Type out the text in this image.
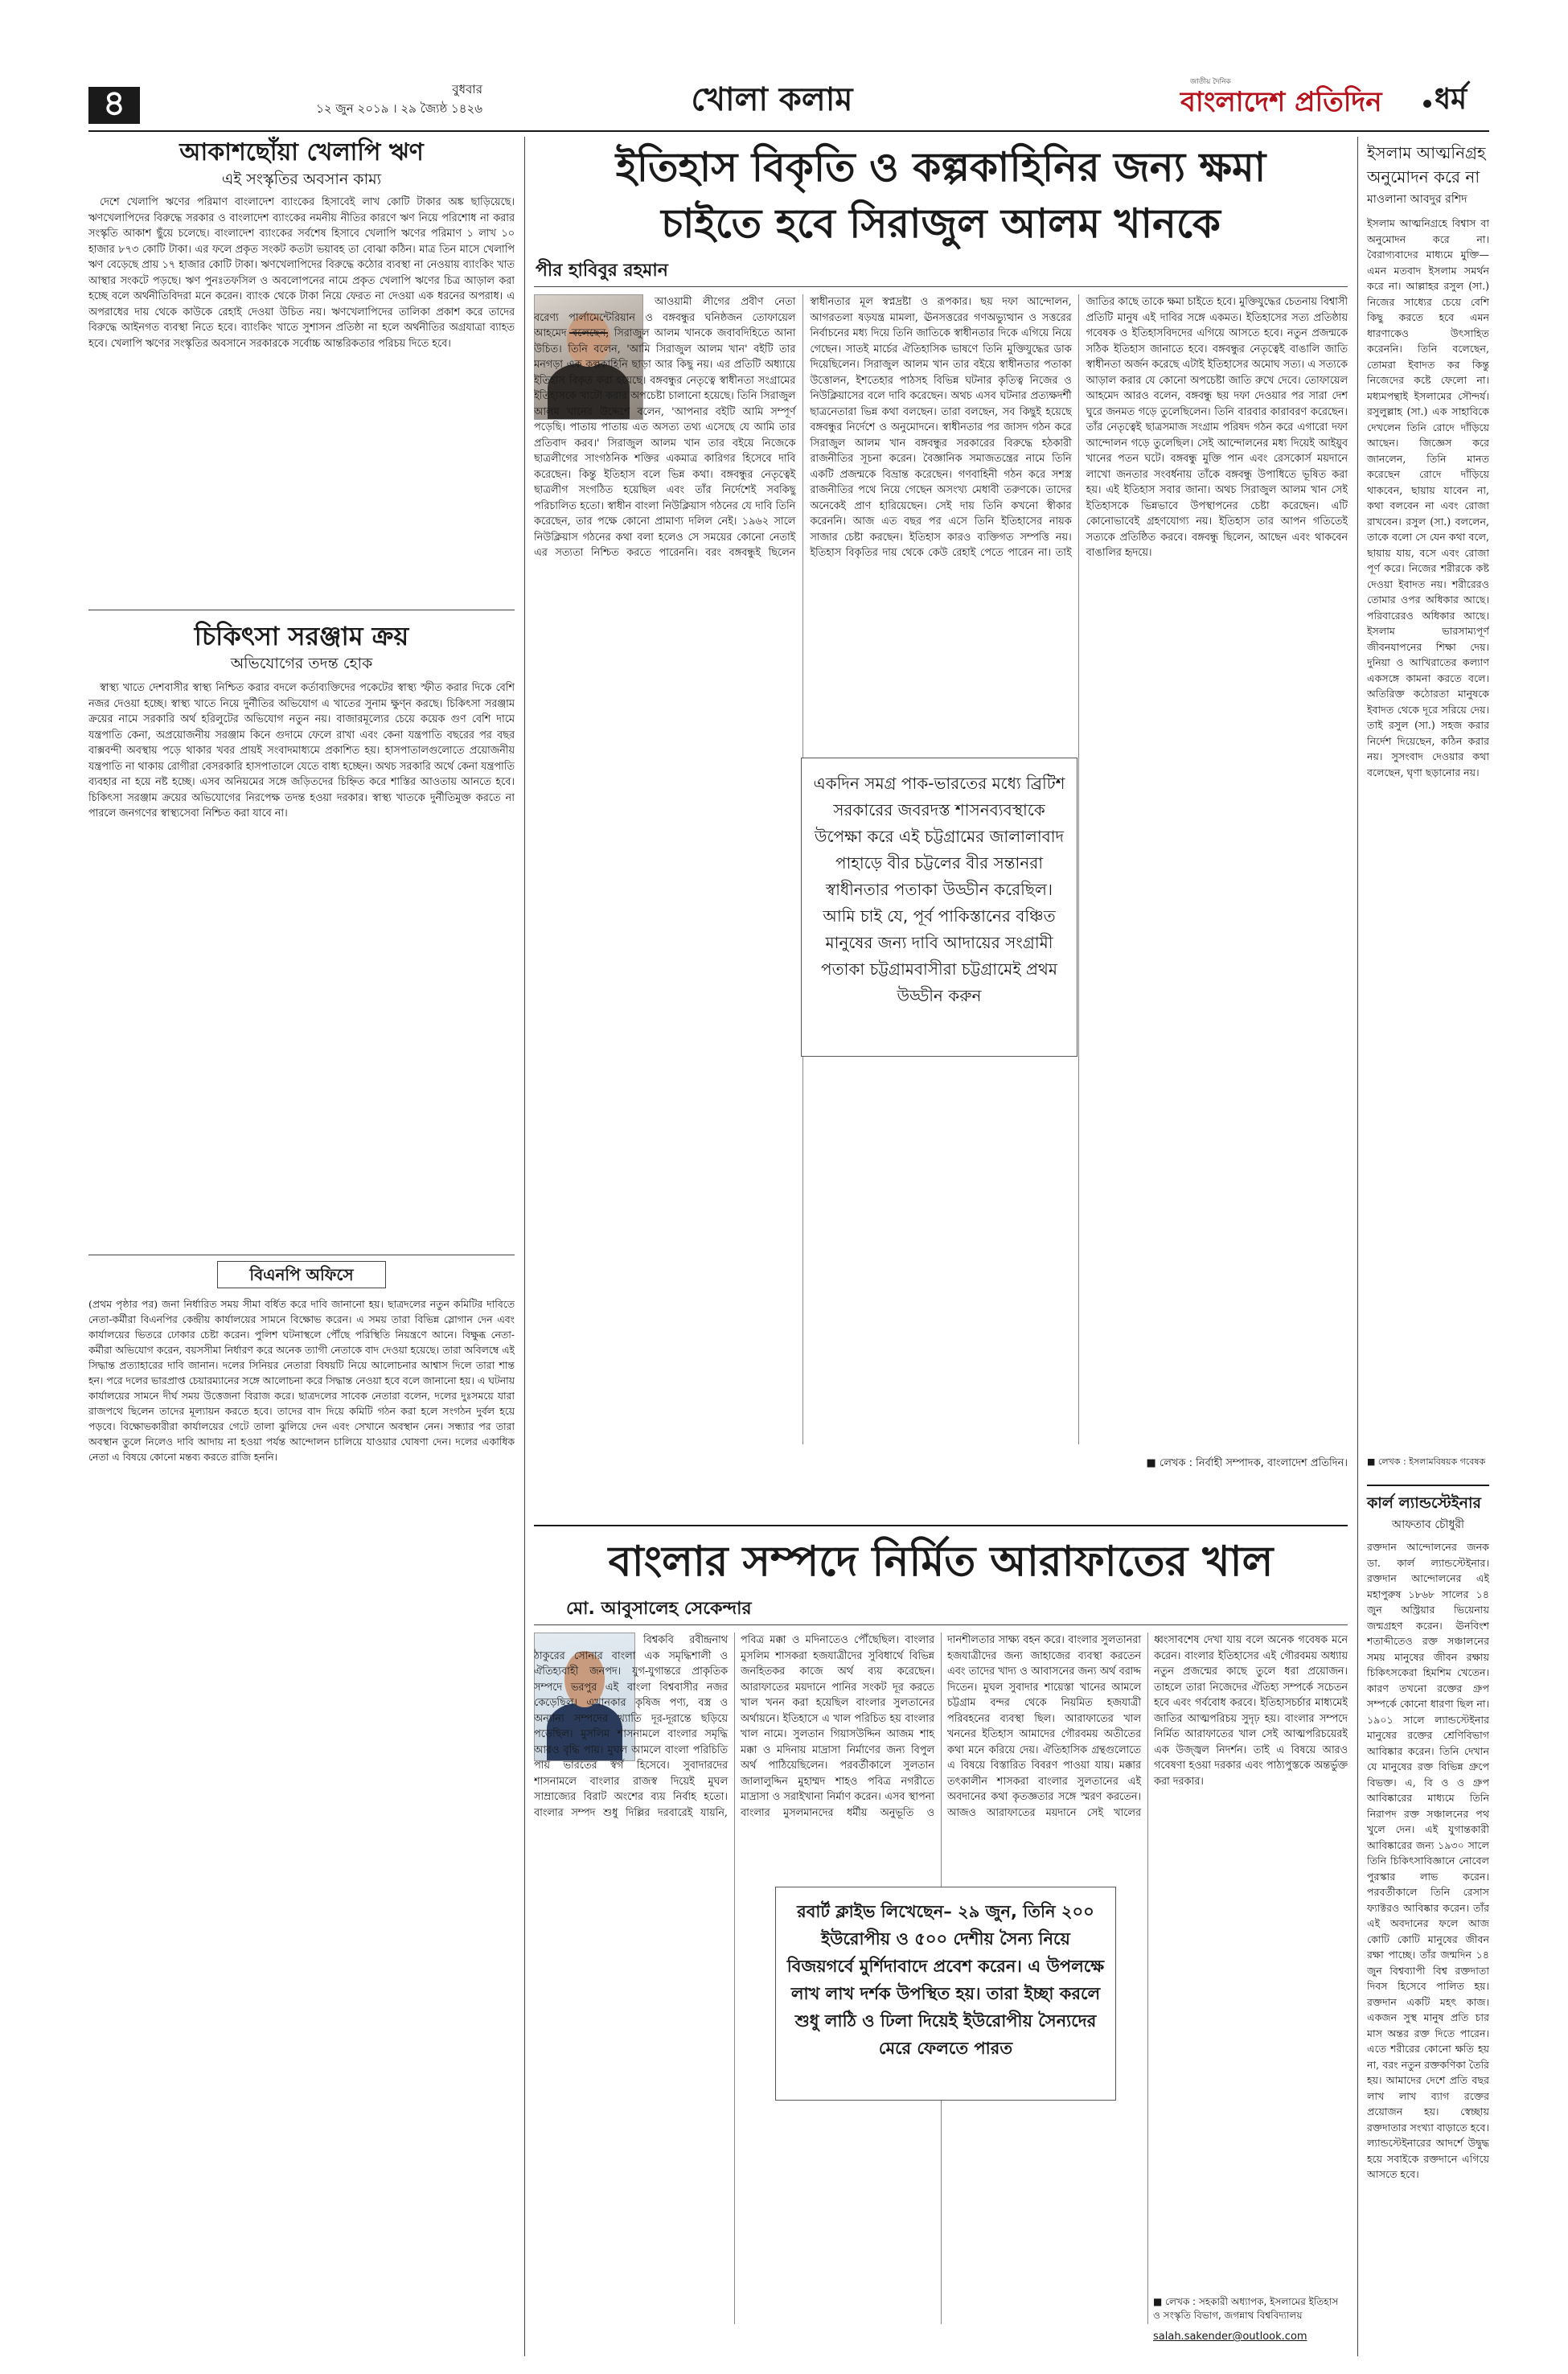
৪	বুধবার
১২ জুন ২০১৯ । ২৯ জ্যৈষ্ঠ ১৪২৬	খোলা কলাম	জাতীয় দৈনিক
বাংলাদেশ প্রতিদিন	ধর্ম
আকাশছোঁয়া খেলাপি ঋণ
এই সংস্কৃতির অবসান কাম্য
দেশে খেলাপি ঋণের পরিমাণ বাংলাদেশ ব্যাংকের হিসাবেই লাখ কোটি টাকার অঙ্ক ছাড়িয়েছে। ঋণখেলাপিদের বিরুদ্ধে সরকার ও বাংলাদেশ ব্যাংকের নমনীয় নীতির কারণে ঋণ নিয়ে পরিশোধ না করার সংস্কৃতি আকাশ ছুঁয়ে চলেছে। বাংলাদেশ ব্যাংকের সর্বশেষ হিসাবে খেলাপি ঋণের পরিমাণ ১ লাখ ১০ হাজার ৮৭৩ কোটি টাকা। এর ফলে প্রকৃত সংকট কতটা ভয়াবহ তা বোঝা কঠিন। মাত্র তিন মাসে খেলাপি ঋণ বেড়েছে প্রায় ১৭ হাজার কোটি টাকা। ঋণখেলাপিদের বিরুদ্ধে কঠোর ব্যবস্থা না নেওয়ায় ব্যাংকিং খাত আস্থার সংকটে পড়ছে। ঋণ পুনঃতফসিল ও অবলোপনের নামে প্রকৃত খেলাপি ঋণের চিত্র আড়াল করা হচ্ছে বলে অর্থনীতিবিদরা মনে করেন। ব্যাংক থেকে টাকা নিয়ে ফেরত না দেওয়া এক ধরনের অপরাধ। এ অপরাধের দায় থেকে কাউকে রেহাই দেওয়া উচিত নয়। ঋণখেলাপিদের তালিকা প্রকাশ করে তাদের বিরুদ্ধে আইনগত ব্যবস্থা নিতে হবে। ব্যাংকিং খাতে সুশাসন প্রতিষ্ঠা না হলে অর্থনীতির অগ্রযাত্রা ব্যাহত হবে। খেলাপি ঋণের সংস্কৃতির অবসানে সরকারকে সর্বোচ্চ আন্তরিকতার পরিচয় দিতে হবে।
চিকিৎসা সরঞ্জাম ক্রয়
অভিযোগের তদন্ত হোক
স্বাস্থ্য খাতে দেশবাসীর স্বাস্থ্য নিশ্চিত করার বদলে কর্তাব্যক্তিদের পকেটের স্বাস্থ্য স্ফীত করার দিকে বেশি নজর দেওয়া হচ্ছে। স্বাস্থ্য খাতে নিয়ে দুর্নীতির অভিযোগ এ খাতের সুনাম ক্ষুণ্ন করছে। চিকিৎসা সরঞ্জাম ক্রয়ের নামে সরকারি অর্থ হরিলুটের অভিযোগ নতুন নয়। বাজারমূল্যের চেয়ে কয়েক গুণ বেশি দামে যন্ত্রপাতি কেনা, অপ্রয়োজনীয় সরঞ্জাম কিনে গুদামে ফেলে রাখা এবং কেনা যন্ত্রপাতি বছরের পর বছর বাক্সবন্দী অবস্থায় পড়ে থাকার খবর প্রায়ই সংবাদমাধ্যমে প্রকাশিত হয়। হাসপাতালগুলোতে প্রয়োজনীয় যন্ত্রপাতি না থাকায় রোগীরা বেসরকারি হাসপাতালে যেতে বাধ্য হচ্ছেন। অথচ সরকারি অর্থে কেনা যন্ত্রপাতি ব্যবহার না হয়ে নষ্ট হচ্ছে। এসব অনিয়মের সঙ্গে জড়িতদের চিহ্নিত করে শাস্তির আওতায় আনতে হবে। চিকিৎসা সরঞ্জাম ক্রয়ের অভিযোগের নিরপেক্ষ তদন্ত হওয়া দরকার। স্বাস্থ্য খাতকে দুর্নীতিমুক্ত করতে না পারলে জনগণের স্বাস্থ্যসেবা নিশ্চিত করা যাবে না।
বিএনপি অফিসে
(প্রথম পৃষ্ঠার পর) জনা নির্ধারিত সময় সীমা বর্ধিত করে দাবি জানানো হয়। ছাত্রদলের নতুন কমিটির দাবিতে নেতা-কর্মীরা বিএনপির কেন্দ্রীয় কার্যালয়ের সামনে বিক্ষোভ করেন। এ সময় তারা বিভিন্ন স্লোগান দেন এবং কার্যালয়ের ভিতরে ঢোকার চেষ্টা করেন। পুলিশ ঘটনাস্থলে পৌঁছে পরিস্থিতি নিয়ন্ত্রণে আনে। বিক্ষুব্ধ নেতা-কর্মীরা অভিযোগ করেন, বয়সসীমা নির্ধারণ করে অনেক ত্যাগী নেতাকে বাদ দেওয়া হয়েছে। তারা অবিলম্বে এই সিদ্ধান্ত প্রত্যাহারের দাবি জানান। দলের সিনিয়র নেতারা বিষয়টি নিয়ে আলোচনার আশ্বাস দিলে তারা শান্ত হন। পরে দলের ভারপ্রাপ্ত চেয়ারম্যানের সঙ্গে আলোচনা করে সিদ্ধান্ত নেওয়া হবে বলে জানানো হয়। এ ঘটনায় কার্যালয়ের সামনে দীর্ঘ সময় উত্তেজনা বিরাজ করে। ছাত্রদলের সাবেক নেতারা বলেন, দলের দুঃসময়ে যারা রাজপথে ছিলেন তাদের মূল্যায়ন করতে হবে। তাদের বাদ দিয়ে কমিটি গঠন করা হলে সংগঠন দুর্বল হয়ে পড়বে। বিক্ষোভকারীরা কার্যালয়ের গেটে তালা ঝুলিয়ে দেন এবং সেখানে অবস্থান নেন। সন্ধ্যার পর তারা অবস্থান তুলে নিলেও দাবি আদায় না হওয়া পর্যন্ত আন্দোলন চালিয়ে যাওয়ার ঘোষণা দেন। দলের একাধিক নেতা এ বিষয়ে কোনো মন্তব্য করতে রাজি হননি।
ইতিহাস বিকৃতি ও কল্পকাহিনির জন্য ক্ষমা
চাইতে হবে সিরাজুল আলম খানকে
পীর হাবিবুর রহমান
আওয়ামী লীগের প্রবীণ নেতা বরেণ্য পার্লামেন্টেরিয়ান ও বঙ্গবন্ধুর ঘনিষ্ঠজন তোফায়েল আহমেদ বলেছেন, সিরাজুল আলম খানকে জবাবদিহিতে আনা উচিত। তিনি বলেন, 'আমি সিরাজুল আলম খান' বইটি তার মনগড়া এক কল্পকাহিনি ছাড়া আর কিছু নয়। এর প্রতিটি অধ্যায়ে ইতিহাস বিকৃত করা হয়েছে। বঙ্গবন্ধুর নেতৃত্বে স্বাধীনতা সংগ্রামের ইতিহাসকে খাটো করার অপচেষ্টা চালানো হয়েছে। তিনি সিরাজুল আলম খানের উদ্দেশে বলেন, 'আপনার বইটি আমি সম্পূর্ণ পড়েছি। পাতায় পাতায় এত অসত্য তথ্য এসেছে যে আমি তার প্রতিবাদ করব।' সিরাজুল আলম খান তার বইয়ে নিজেকে ছাত্রলীগের সাংগঠনিক শক্তির একমাত্র কারিগর হিসেবে দাবি করেছেন। কিন্তু ইতিহাস বলে ভিন্ন কথা। বঙ্গবন্ধুর নেতৃত্বেই ছাত্রলীগ সংগঠিত হয়েছিল এবং তাঁর নির্দেশেই সবকিছু পরিচালিত হতো। স্বাধীন বাংলা নিউক্লিয়াস গঠনের যে দাবি তিনি করেছেন, তার পক্ষে কোনো প্রামাণ্য দলিল নেই। ১৯৬২ সালে নিউক্লিয়াস গঠনের কথা বলা হলেও সে সময়ের কোনো নেতাই এর সত্যতা নিশ্চিত করতে পারেননি। বরং বঙ্গবন্ধুই ছিলেন স্বাধীনতার মূল স্বপ্নদ্রষ্টা ও রূপকার। ছয় দফা আন্দোলন, আগরতলা ষড়যন্ত্র মামলা, ঊনসত্তরের গণঅভ্যুত্থান ও সত্তরের নির্বাচনের মধ্য দিয়ে তিনি জাতিকে স্বাধীনতার দিকে এগিয়ে নিয়ে গেছেন। সাতই মার্চের ঐতিহাসিক ভাষণে তিনি মুক্তিযুদ্ধের ডাক দিয়েছিলেন। সিরাজুল আলম খান তার বইয়ে স্বাধীনতার পতাকা উত্তোলন, ইশতেহার পাঠসহ বিভিন্ন ঘটনার কৃতিত্ব নিজের ও নিউক্লিয়াসের বলে দাবি করেছেন। অথচ এসব ঘটনার প্রত্যক্ষদর্শী ছাত্রনেতারা ভিন্ন কথা বলছেন। তারা বলছেন, সব কিছুই হয়েছে বঙ্গবন্ধুর নির্দেশে ও অনুমোদনে। স্বাধীনতার পর জাসদ গঠন করে সিরাজুল আলম খান বঙ্গবন্ধুর সরকারের বিরুদ্ধে হঠকারী রাজনীতির সূচনা করেন। বৈজ্ঞানিক সমাজতন্ত্রের নামে তিনি একটি প্রজন্মকে বিভ্রান্ত করেছেন। গণবাহিনী গঠন করে সশস্ত্র রাজনীতির পথে নিয়ে গেছেন অসংখ্য মেধাবী তরুণকে। তাদের অনেকেই প্রাণ হারিয়েছেন। সেই দায় তিনি কখনো স্বীকার করেননি। আজ এত বছর পর এসে তিনি ইতিহাসের নায়ক সাজার চেষ্টা করছেন। ইতিহাস কারও ব্যক্তিগত সম্পত্তি নয়। ইতিহাস বিকৃতির দায় থেকে কেউ রেহাই পেতে পারেন না। তাই জাতির কাছে তাকে ক্ষমা চাইতে হবে। মুক্তিযুদ্ধের চেতনায় বিশ্বাসী প্রতিটি মানুষ এই দাবির সঙ্গে একমত। ইতিহাসের সত্য প্রতিষ্ঠায় গবেষক ও ইতিহাসবিদদের এগিয়ে আসতে হবে। নতুন প্রজন্মকে সঠিক ইতিহাস জানাতে হবে। বঙ্গবন্ধুর নেতৃত্বেই বাঙালি জাতি স্বাধীনতা অর্জন করেছে এটাই ইতিহাসের অমোঘ সত্য। এ সত্যকে আড়াল করার যে কোনো অপচেষ্টা জাতি রুখে দেবে। তোফায়েল আহমেদ আরও বলেন, বঙ্গবন্ধু ছয় দফা দেওয়ার পর সারা দেশ ঘুরে জনমত গড়ে তুলেছিলেন। তিনি বারবার কারাবরণ করেছেন। তাঁর নেতৃত্বেই ছাত্রসমাজ সংগ্রাম পরিষদ গঠন করে এগারো দফা আন্দোলন গড়ে তুলেছিল। সেই আন্দোলনের মধ্য দিয়েই আইয়ুব খানের পতন ঘটে। বঙ্গবন্ধু মুক্তি পান এবং রেসকোর্স ময়দানে লাখো জনতার সংবর্ধনায় তাঁকে বঙ্গবন্ধু উপাধিতে ভূষিত করা হয়। এই ইতিহাস সবার জানা। অথচ সিরাজুল আলম খান সেই ইতিহাসকে ভিন্নভাবে উপস্থাপনের চেষ্টা করেছেন। এটি কোনোভাবেই গ্রহণযোগ্য নয়। ইতিহাস তার আপন গতিতেই সত্যকে প্রতিষ্ঠিত করবে। বঙ্গবন্ধু ছিলেন, আছেন এবং থাকবেন বাঙালির হৃদয়ে।
একদিন সমগ্র পাক-ভারতের মধ্যে ব্রিটিশ সরকারের জবরদস্ত শাসনব্যবস্থাকে উপেক্ষা করে এই চট্টগ্রামের জালালাবাদ পাহাড়ে বীর চট্টলের বীর সন্তানরা স্বাধীনতার পতাকা উড্ডীন করেছিল। আমি চাই যে, পূর্ব পাকিস্তানের বঞ্চিত মানুষের জন্য দাবি আদায়ের সংগ্রামী পতাকা চট্টগ্রামবাসীরা চট্টগ্রামেই প্রথম উড্ডীন করুন
■ লেখক : নির্বাহী সম্পাদক, বাংলাদেশ প্রতিদিন।
বাংলার সম্পদে নির্মিত আরাফাতের খাল
মো. আবুসালেহ সেকেন্দার
বিশ্বকবি রবীন্দ্রনাথ ঠাকুরের সোনার বাংলা এক সমৃদ্ধিশালী ও ঐতিহ্যবাহী জনপদ। যুগ-যুগান্তরে প্রাকৃতিক সম্পদে ভরপুর এই বাংলা বিশ্ববাসীর নজর কেড়েছিল। এখানকার কৃষিজ পণ্য, বস্ত্র ও অন্যান্য সম্পদের খ্যাতি দূর-দূরান্তে ছড়িয়ে পড়েছিল। মুসলিম শাসনামলে বাংলার সমৃদ্ধি আরও বৃদ্ধি পায়। মুঘল আমলে বাংলা পরিচিতি পায় ভারতের স্বর্গ হিসেবে। সুবাদারদের শাসনামলে বাংলার রাজস্ব দিয়েই মুঘল সাম্রাজ্যের বিরাট অংশের ব্যয় নির্বাহ হতো। বাংলার সম্পদ শুধু দিল্লির দরবারেই যায়নি, পবিত্র মক্কা ও মদিনাতেও পৌঁছেছিল। বাংলার মুসলিম শাসকরা হজযাত্রীদের সুবিধার্থে বিভিন্ন জনহিতকর কাজে অর্থ ব্যয় করেছেন। আরাফাতের ময়দানে পানির সংকট দূর করতে খাল খনন করা হয়েছিল বাংলার সুলতানের অর্থায়নে। ইতিহাসে এ খাল পরিচিত হয় বাংলার খাল নামে। সুলতান গিয়াসউদ্দিন আজম শাহ মক্কা ও মদিনায় মাদ্রাসা নির্মাণের জন্য বিপুল অর্থ পাঠিয়েছিলেন। পরবর্তীকালে সুলতান জালালুদ্দিন মুহাম্মদ শাহও পবিত্র নগরীতে মাদ্রাসা ও সরাইখানা নির্মাণ করেন। এসব স্থাপনা বাংলার মুসলমানদের ধর্মীয় অনুভূতি ও দানশীলতার সাক্ষ্য বহন করে। বাংলার সুলতানরা হজযাত্রীদের জন্য জাহাজের ব্যবস্থা করতেন এবং তাদের খাদ্য ও আবাসনের জন্য অর্থ বরাদ্দ দিতেন। মুঘল সুবাদার শায়েস্তা খানের আমলে চট্টগ্রাম বন্দর থেকে নিয়মিত হজযাত্রী পরিবহনের ব্যবস্থা ছিল। আরাফাতের খাল খননের ইতিহাস আমাদের গৌরবময় অতীতের কথা মনে করিয়ে দেয়। ঐতিহাসিক গ্রন্থগুলোতে এ বিষয়ে বিস্তারিত বিবরণ পাওয়া যায়। মক্কার তৎকালীন শাসকরা বাংলার সুলতানের এই অবদানের কথা কৃতজ্ঞতার সঙ্গে স্মরণ করতেন। আজও আরাফাতের ময়দানে সেই খালের ধ্বংসাবশেষ দেখা যায় বলে অনেক গবেষক মনে করেন। বাংলার ইতিহাসের এই গৌরবময় অধ্যায় নতুন প্রজন্মের কাছে তুলে ধরা প্রয়োজন। তাহলে তারা নিজেদের ঐতিহ্য সম্পর্কে সচেতন হবে এবং গর্ববোধ করবে। ইতিহাসচর্চার মাধ্যমেই জাতির আত্মপরিচয় সুদৃঢ় হয়। বাংলার সম্পদে নির্মিত আরাফাতের খাল সেই আত্মপরিচয়েরই এক উজ্জ্বল নিদর্শন। তাই এ বিষয়ে আরও গবেষণা হওয়া দরকার এবং পাঠ্যপুস্তকে অন্তর্ভুক্ত করা দরকার।
রবার্ট ক্লাইভ লিখেছেন– ২৯ জুন, তিনি ২০০ ইউরোপীয় ও ৫০০ দেশীয় সৈন্য নিয়ে বিজয়গর্বে মুর্শিদাবাদে প্রবেশ করেন। এ উপলক্ষে লাখ লাখ দর্শক উপস্থিত হয়। তারা ইচ্ছা করলে শুধু লাঠি ও ঢিলা দিয়েই ইউরোপীয় সৈন্যদের মেরে ফেলতে পারত
■ লেখক : সহকারী অধ্যাপক, ইসলামের ইতিহাস ও সংস্কৃতি বিভাগ, জগন্নাথ বিশ্ববিদ্যালয়
salah.sakender@outlook.com
ইসলাম আত্মনিগ্রহ
অনুমোদন করে না
মাওলানা আবদুর রশিদ
ইসলাম আত্মনিগ্রহে বিশ্বাস বা অনুমোদন করে না। বৈরাগ্যবাদের মাধ্যমে মুক্তি— এমন মতবাদ ইসলাম সমর্থন করে না। আল্লাহর রসুল (সা.) নিজের সাধ্যের চেয়ে বেশি কিছু করতে হবে এমন ধারণাকেও উৎসাহিত করেননি। তিনি বলেছেন, তোমরা ইবাদত কর কিন্তু নিজেদের কষ্টে ফেলো না। মধ্যমপন্থাই ইসলামের সৌন্দর্য। রসুলুল্লাহ (সা.) এক সাহাবিকে দেখলেন তিনি রোদে দাঁড়িয়ে আছেন। জিজ্ঞেস করে জানলেন, তিনি মানত করেছেন রোদে দাঁড়িয়ে থাকবেন, ছায়ায় যাবেন না, কথা বলবেন না এবং রোজা রাখবেন। রসুল (সা.) বললেন, তাকে বলো সে যেন কথা বলে, ছায়ায় যায়, বসে এবং রোজা পূর্ণ করে। নিজের শরীরকে কষ্ট দেওয়া ইবাদত নয়। শরীরেরও তোমার ওপর অধিকার আছে। পরিবারেরও অধিকার আছে। ইসলাম ভারসাম্যপূর্ণ জীবনযাপনের শিক্ষা দেয়। দুনিয়া ও আখিরাতের কল্যাণ একসঙ্গে কামনা করতে বলে। অতিরিক্ত কঠোরতা মানুষকে ইবাদত থেকে দূরে সরিয়ে দেয়। তাই রসুল (সা.) সহজ করার নির্দেশ দিয়েছেন, কঠিন করার নয়। সুসংবাদ দেওয়ার কথা বলেছেন, ঘৃণা ছড়ানোর নয়।
■ লেখক : ইসলামবিষয়ক গবেষক
কার্ল ল্যান্ডস্টেইনার
আফতাব চৌধুরী
রক্তদান আন্দোলনের জনক ডা. কার্ল ল্যান্ডস্টেইনার। রক্তদান আন্দোলনের এই মহাপুরুষ ১৮৬৮ সালের ১৪ জুন অস্ট্রিয়ার ভিয়েনায় জন্মগ্রহণ করেন। ঊনবিংশ শতাব্দীতেও রক্ত সঞ্চালনের সময় মানুষের জীবন রক্ষায় চিকিৎসকেরা হিমশিম খেতেন। কারণ তখনো রক্তের গ্রুপ সম্পর্কে কোনো ধারণা ছিল না। ১৯০১ সালে ল্যান্ডস্টেইনার মানুষের রক্তের শ্রেণিবিভাগ আবিষ্কার করেন। তিনি দেখান যে মানুষের রক্ত বিভিন্ন গ্রুপে বিভক্ত। এ, বি ও ও গ্রুপ আবিষ্কারের মাধ্যমে তিনি নিরাপদ রক্ত সঞ্চালনের পথ খুলে দেন। এই যুগান্তকারী আবিষ্কারের জন্য ১৯৩০ সালে তিনি চিকিৎসাবিজ্ঞানে নোবেল পুরস্কার লাভ করেন। পরবর্তীকালে তিনি রেসাস ফ্যাক্টরও আবিষ্কার করেন। তাঁর এই অবদানের ফলে আজ কোটি কোটি মানুষের জীবন রক্ষা পাচ্ছে। তাঁর জন্মদিন ১৪ জুন বিশ্বব্যাপী বিশ্ব রক্তদাতা দিবস হিসেবে পালিত হয়। রক্তদান একটি মহৎ কাজ। একজন সুস্থ মানুষ প্রতি চার মাস অন্তর রক্ত দিতে পারেন। এতে শরীরের কোনো ক্ষতি হয় না, বরং নতুন রক্তকণিকা তৈরি হয়। আমাদের দেশে প্রতি বছর লাখ লাখ ব্যাগ রক্তের প্রয়োজন হয়। স্বেচ্ছায় রক্তদাতার সংখ্যা বাড়াতে হবে। ল্যান্ডস্টেইনারের আদর্শে উদ্বুদ্ধ হয়ে সবাইকে রক্তদানে এগিয়ে আসতে হবে।
